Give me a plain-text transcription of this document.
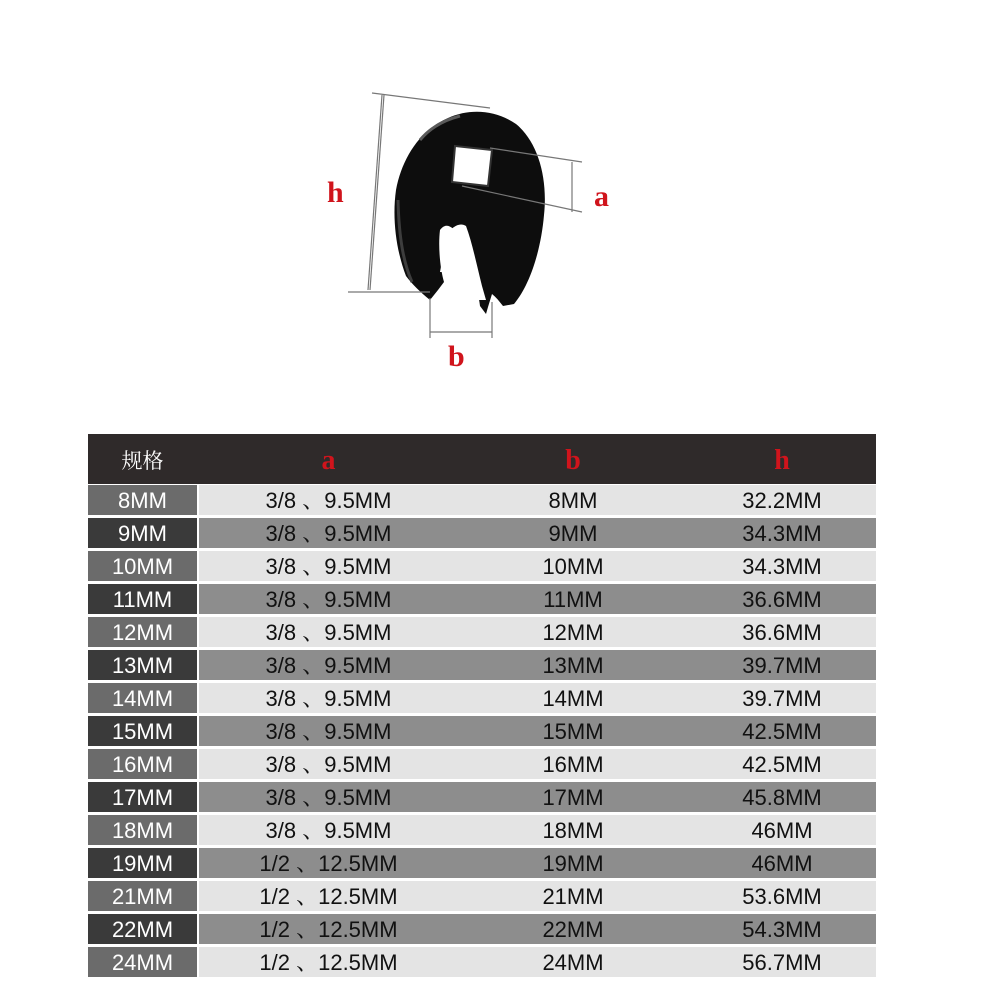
h	a
b
规格	a	b	h
8MM	3/8 、9.5MM	8MM	32.2MM
9MM	3/8 、9.5MM	9MM	34.3MM
10MM	3/8 、9.5MM	10MM	34.3MM
11MM	3/8 、9.5MM	11MM	36.6MM
12MM	3/8 、9.5MM	12MM	36.6MM
13MM	3/8 、9.5MM	13MM	39.7MM
14MM	3/8 、9.5MM	14MM	39.7MM
15MM	3/8 、9.5MM	15MM	42.5MM
16MM	3/8 、9.5MM	16MM	42.5MM
17MM	3/8 、9.5MM	17MM	45.8MM
18MM	3/8 、9.5MM	18MM	46MM
19MM	1/2 、12.5MM	19MM	46MM
21MM	1/2 、12.5MM	21MM	53.6MM
22MM	1/2 、12.5MM	22MM	54.3MM
24MM	1/2 、12.5MM	24MM	56.7MM
